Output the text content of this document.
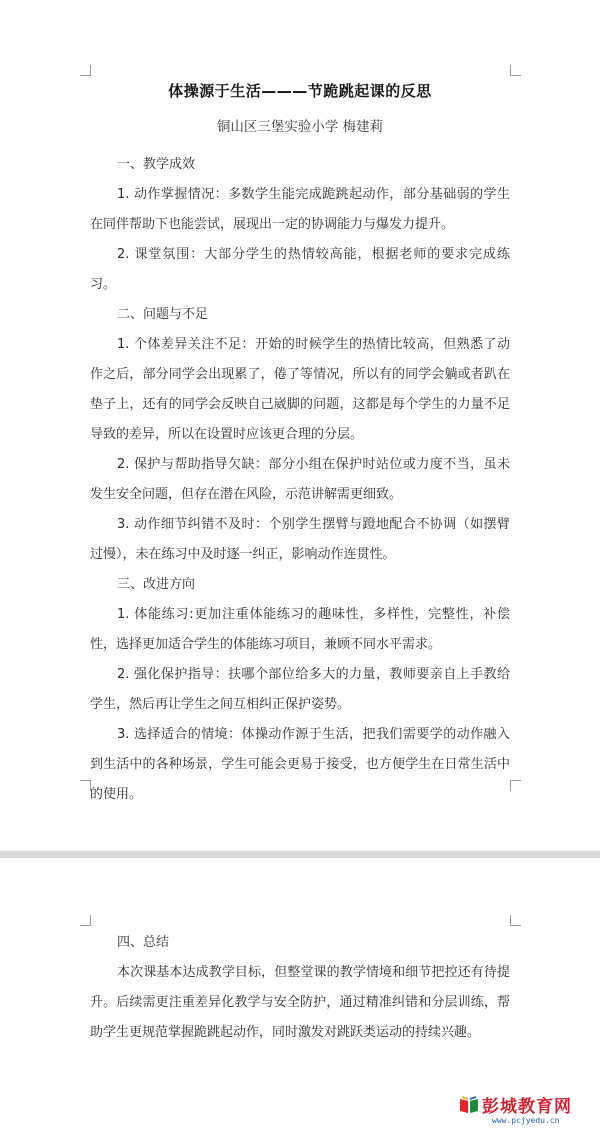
体操源于生活———节跪跳起课的反思
铜山区三堡实验小学 梅建莉

一、教学成效

1. 动作掌握情况：多数学生能完成跪跳起动作，部分基础弱的学生在同伴帮助下也能尝试，展现出一定的协调能力与爆发力提升。

2. 课堂氛围：大部分学生的热情较高能，根据老师的要求完成练习。

二、问题与不足

1. 个体差异关注不足：开始的时候学生的热情比较高，但熟悉了动作之后，部分同学会出现累了，倦了等情况，所以有的同学会躺或者趴在垫子上，还有的同学会反映自己崴脚的问题，这都是每个学生的力量不足导致的差异，所以在设置时应该更合理的分层。

2. 保护与帮助指导欠缺：部分小组在保护时站位或力度不当，虽未发生安全问题，但存在潜在风险，示范讲解需更细致。

3. 动作细节纠错不及时：个别学生摆臂与蹬地配合不协调（如摆臂过慢），未在练习中及时逐一纠正，影响动作连贯性。

三、改进方向

1. 体能练习:更加注重体能练习的趣味性，多样性，完整性，补偿性，选择更加适合学生的体能练习项目，兼顾不同水平需求。

2. 强化保护指导：扶哪个部位给多大的力量，教师要亲自上手教给学生，然后再让学生之间互相纠正保护姿势。

3. 选择适合的情境：体操动作源于生活，把我们需要学的动作融入到生活中的各种场景，学生可能会更易于接受，也方便学生在日常生活中的使用。

四、总结

本次课基本达成教学目标，但整堂课的教学情境和细节把控还有待提升。后续需更注重差异化教学与安全防护，通过精准纠错和分层训练，帮助学生更规范掌握跪跳起动作，同时激发对跳跃类运动的持续兴趣。

彭城教育网
www.pcjyedu.cn
